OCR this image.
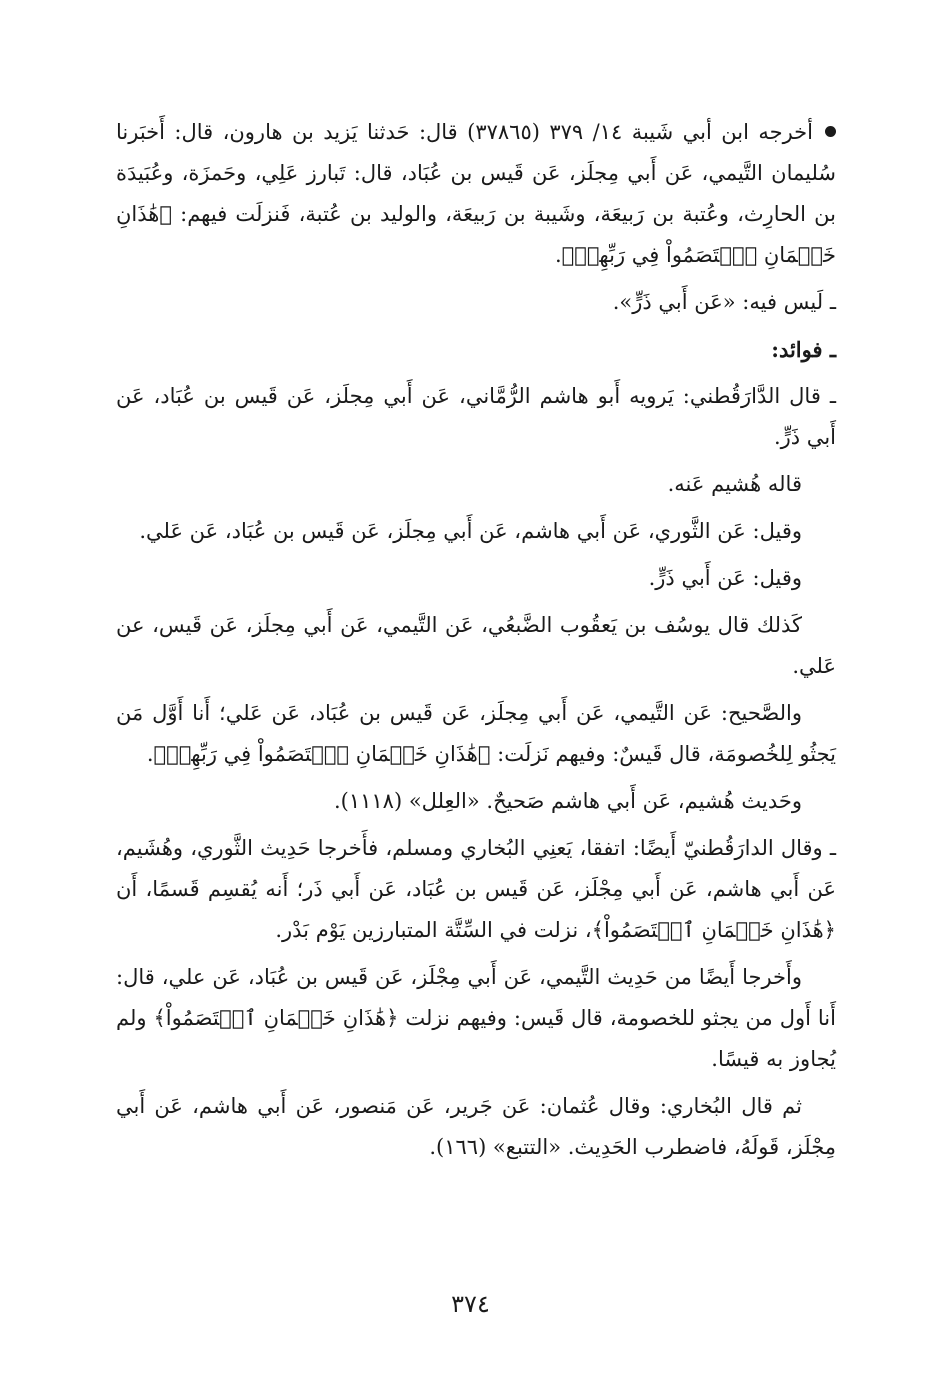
أخرجه ابن أبي شَيبة ١٤/ ٣٧٩ (٣٧٨٦٥) قال: حَدثنا يَزيد بن هارون، قال: أَخبَرنا سُليمان التَّيمي، عَن أَبي مِجلَز، عَن قَيس بن عُبَاد، قال: تَبارز عَلِي، وحَمزَة، وعُبَيدَة بن الحارِث، وعُتبة بن رَبيعَة، وشَيبة بن رَبيعَة، والوليد بن عُتبة، فَنزلَت فيهم: ﴿هَٰذَانِ خَصۡمَانِ ٱخۡتَصَمُواْ فِي رَبِّهِمۡ﴾.

ـ لَيس فيه: «عَن أَبي ذَرٍّ».

ـ فوائد:

ـ قال الدَّارَقُطني: يَرويه أَبو هاشم الرُّمَّاني، عَن أَبي مِجلَز، عَن قَيس بن عُبَاد، عَن أَبي ذَرٍّ.

قاله هُشيم عَنه.

وقيل: عَن الثَّوري، عَن أَبي هاشم، عَن أَبي مِجلَز، عَن قَيس بن عُبَاد، عَن عَلي.

وقيل: عَن أَبي ذَرٍّ.

كَذلك قال يوسُف بن يَعقُوب الضَّبعُي، عَن التَّيمي، عَن أَبي مِجلَز، عَن قَيس، عن عَلي.

والصَّحيح: عَن التَّيمي، عَن أَبي مِجلَز، عَن قَيس بن عُبَاد، عَن عَلي؛ أَنا أَوَّل مَن يَجثُو لِلخُصومَة، قال قَيسٌ: وفيهم نَزلَت: ﴿هَٰذَانِ خَصۡمَانِ ٱخۡتَصَمُواْ فِي رَبِّهِمۡ﴾.

وحَديث هُشيم، عَن أَبي هاشم صَحيحٌ. «العِلل» (١١١٨).

ـ وقال الدارَقُطنيّ أَيضًا: اتفقا، يَعنِي البُخاري ومسلم، فأَخرجا حَدِيث الثَّوري، وهُشَيم، عَن أَبي هاشم، عَن أَبي مِجْلَز، عَن قَيس بن عُبَاد، عَن أَبي ذَر؛ أَنه يُقسِم قَسمًا، أَن ﴿هَٰذَانِ خَصۡمَانِ ٱخۡتَصَمُواْ﴾، نزلت في السِّتَّة المتبارزين يَوْم بَدْر.

وأَخرجا أَيضًا من حَدِيث التَّيمي، عَن أَبي مِجْلَز، عَن قَيس بن عُبَاد، عَن علي، قال: أَنا أَول من يجثو للخصومة، قال قَيس: وفيهم نزلت ﴿هَٰذَانِ خَصۡمَانِ ٱخۡتَصَمُواْ﴾ ولم يُجاوز به قيسًا.

ثم قال البُخاري: وقال عُثمان: عَن جَرير، عَن مَنصور، عَن أَبي هاشم، عَن أَبي مِجْلَز، قَولَهُ، فاضطرب الحَدِيث. «التتبع» (١٦٦).

٣٧٤
